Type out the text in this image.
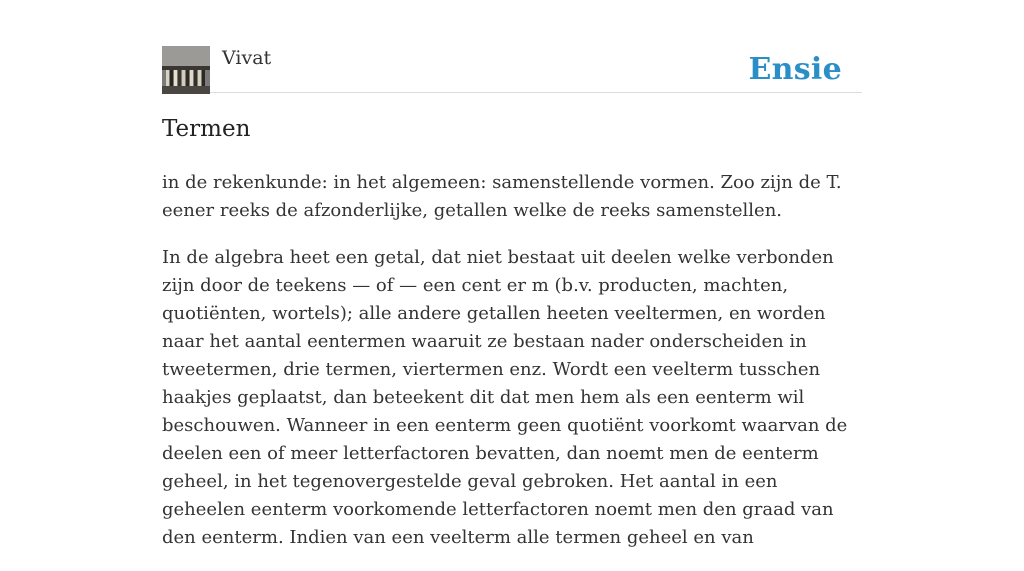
Vivat	Ensie
Termen

in de rekenkunde: in het algemeen: samenstellende vormen. Zoo zijn de T. eener reeks de afzonderlijke, getallen welke de reeks samenstellen.

In de algebra heet een getal, dat niet bestaat uit deelen welke verbonden zijn door de teekens — of — een cent er m (b.v. producten, machten, quotiënten, wortels); alle andere getallen heeten veeltermen, en worden naar het aantal eentermen waaruit ze bestaan nader onderscheiden in tweetermen, drie termen, viertermen enz. Wordt een veelterm tusschen haakjes geplaatst, dan beteekent dit dat men hem als een eenterm wil beschouwen. Wanneer in een eenterm geen quotiënt voorkomt waarvan de deelen een of meer letterfactoren bevatten, dan noemt men de eenterm geheel, in het tegenovergestelde geval gebroken. Het aantal in een geheelen eenterm voorkomende letterfactoren noemt men den graad van den eenterm. Indien van een veelterm alle termen geheel en van
